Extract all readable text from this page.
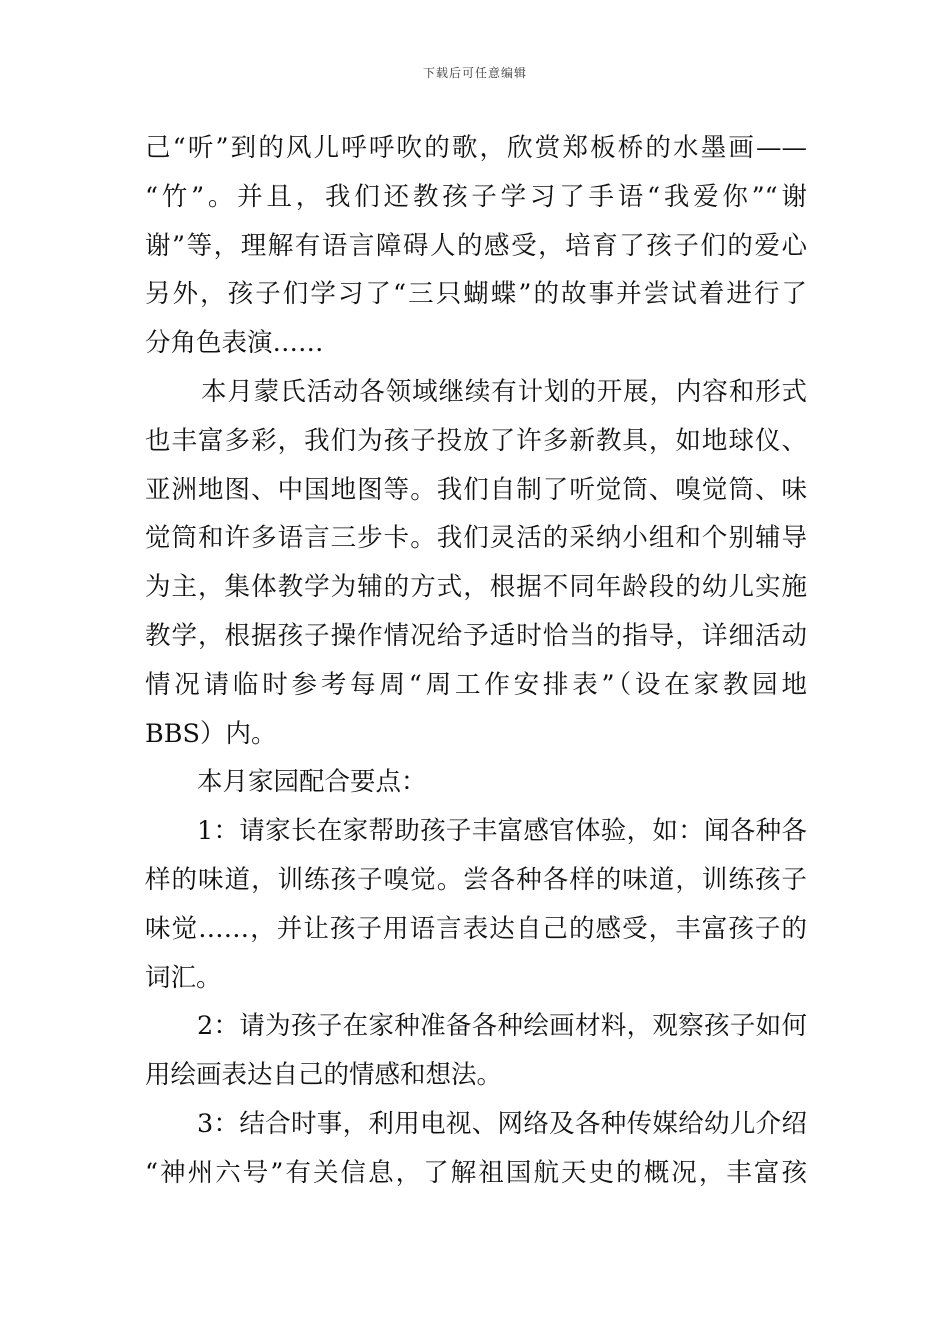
下载后可任意编辑
己“听”到的风儿呼呼吹的歌，欣赏郑板桥的水墨画——
“竹”。并且，我们还教孩子学习了手语“我爱你”“谢
谢”等，理解有语言障碍人的感受，培育了孩子们的爱心
另外，孩子们学习了“三只蝴蝶”的故事并尝试着进行了
分角色表演……
本月蒙氏活动各领域继续有计划的开展，内容和形式
也丰富多彩，我们为孩子投放了许多新教具，如地球仪、
亚洲地图、中国地图等。我们自制了听觉筒、嗅觉筒、味
觉筒和许多语言三步卡。我们灵活的采纳小组和个别辅导
为主，集体教学为辅的方式，根据不同年龄段的幼儿实施
教学，根据孩子操作情况给予适时恰当的指导，详细活动
情况请临时参考每周“周工作安排表”（设在家教园地
BBS）内。
本月家园配合要点：
1：请家长在家帮助孩子丰富感官体验，如：闻各种各
样的味道，训练孩子嗅觉。尝各种各样的味道，训练孩子
味觉……，并让孩子用语言表达自己的感受，丰富孩子的
词汇。
2：请为孩子在家种准备各种绘画材料，观察孩子如何
用绘画表达自己的情感和想法。
3：结合时事，利用电视、网络及各种传媒给幼儿介绍
“神州六号”有关信息，了解祖国航天史的概况，丰富孩
